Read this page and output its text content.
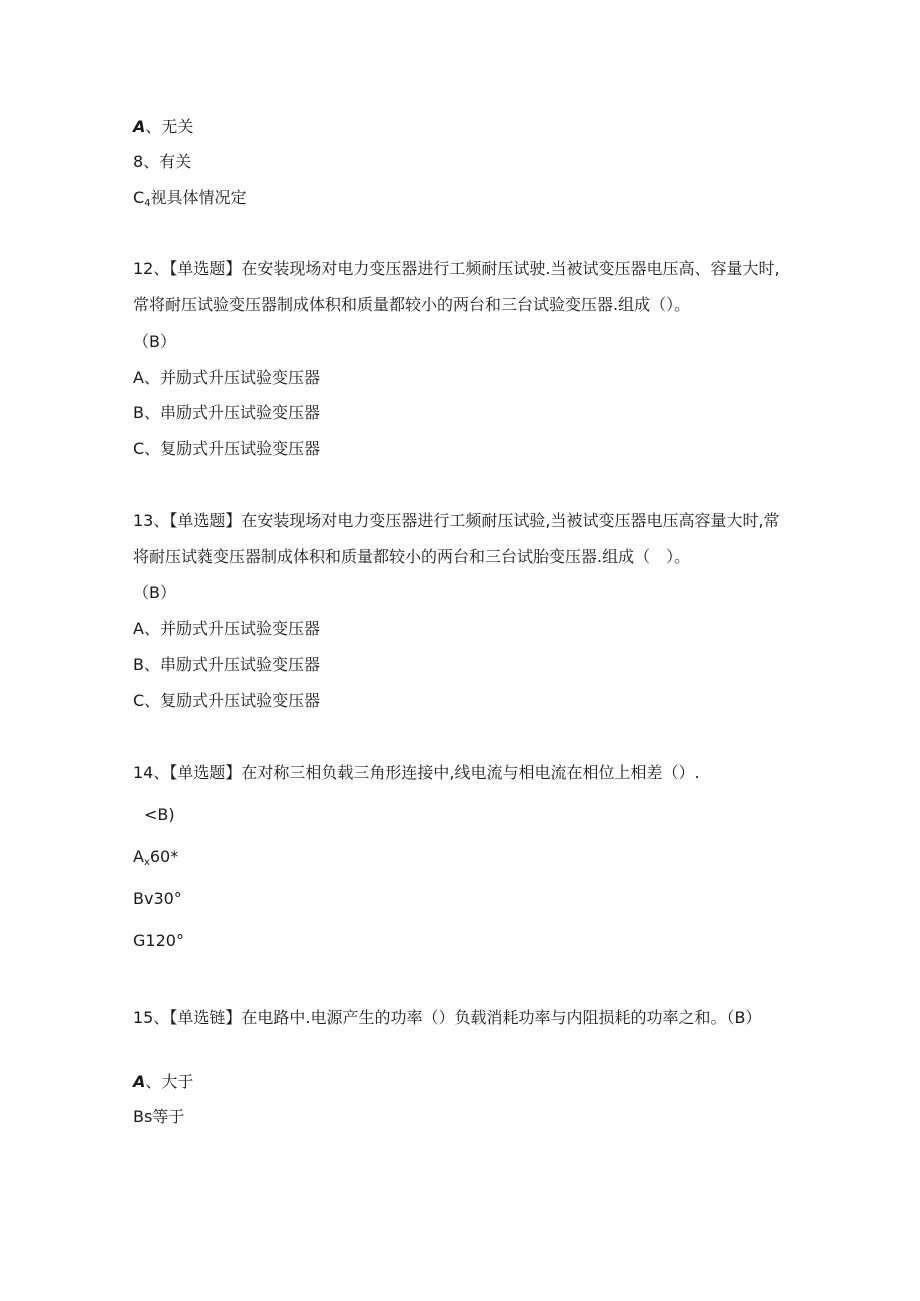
A、无关
8、有关
$C_4$视具体情况定
12、【单选题】在安装现场对电力变压器进行工频耐压试驶.当被试变压器电压高、容量大时,常将耐压试验变压器制成体积和质量都较小的两台和三台试验变压器.组成（）。
（B）
A、并励式升压试验变压器
B、串励式升压试验变压器
C、复励式升压试验变压器
13、【单选题】在安装现场对电力变压器进行工频耐压试验,当被试变压器电压高容量大时,常将耐压试蕤变压器制成体积和质量都较小的两台和三台试胎变压器.组成（　）。
（B）
A、并励式升压试验变压器
B、串励式升压试验变压器
C、复励式升压试验变压器
14、【单选题】在对称三相负载三角形连接中,线电流与相电流在相位上相差（）.
<B)
$A_x60*$
Bv30°
G120°
15、【单选链】在电路中.电源产生的功率（）负载消耗功率与内阻损耗的功率之和。（B）
A、大于
Bs等于
